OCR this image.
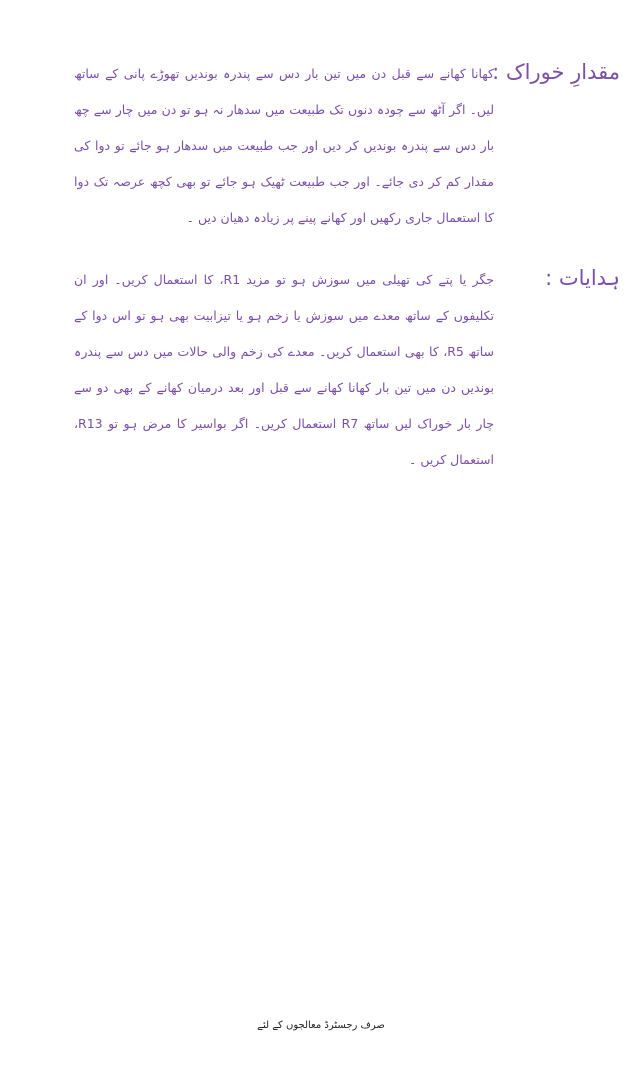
مقدارِ خوراک :

کھانا کھانے سے قبل دن میں تین بار دس سے پندرہ بوندیں تھوڑے پانی کے ساتھ لیں۔ اگر آٹھ سے چودہ دنوں تک طبیعت میں سدھار نہ ہو تو دن میں چار سے چھ بار دس سے پندرہ بوندیں کر دیں اور جب طبیعت میں سدھار ہو جائے تو دوا کی مقدار کم کر دی جائے۔ اور جب طبیعت ٹھیک ہو جائے تو بھی کچھ عرصہ تک دوا کا استعمال جاری رکھیں اور کھانے پینے پر زیادہ دھیان دیں ۔

ہدایات :

جگر یا پتے کی تھیلی میں سوزش ہو تو مزید R1، کا استعمال کریں۔ اور ان تکلیفوں کے ساتھ معدے میں سوزش یا زخم ہو یا تیزابیت بھی ہو تو اس دوا کے ساتھ R5، کا بھی استعمال کریں۔ معدے کی زخم والی حالات میں دس سے پندرہ بوندیں دن میں تین بار کھانا کھانے سے قبل اور بعد درمیان کھانے کے بھی دو سے چار بار خوراک لیں ساتھ R7 استعمال کریں۔ اگر بواسیر کا مرض ہو تو R13، استعمال کریں ۔

صرف رجسٹرڈ معالجوں کے لئے
